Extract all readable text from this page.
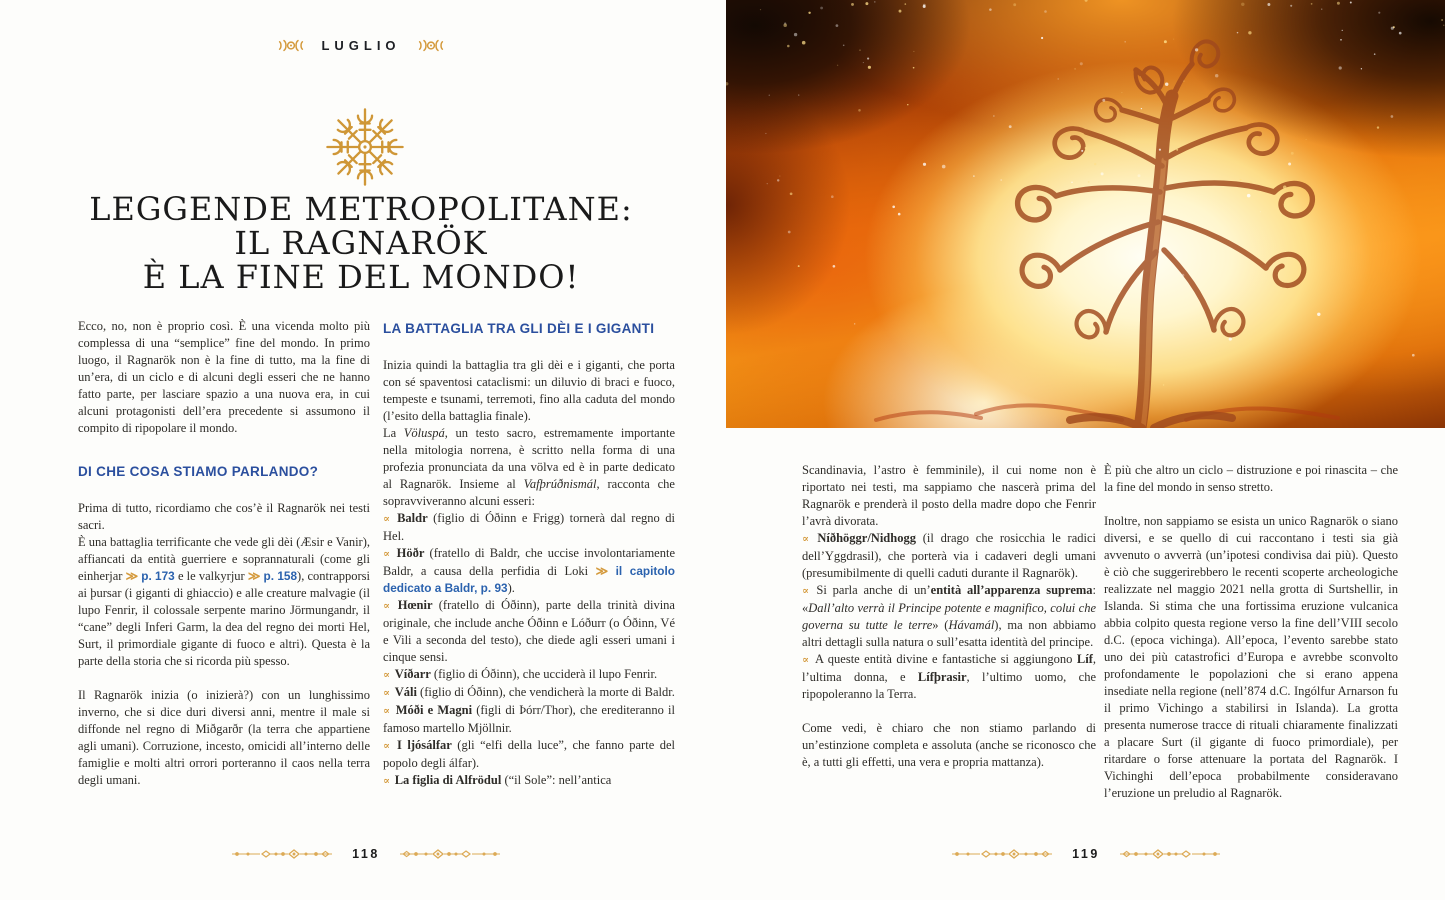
LUGLIO
LEGGENDE METROPOLITANE:
IL RAGNARÖK
È LA FINE DEL MONDO!
Ecco, no, non è proprio così. È una vicenda molto più complessa di una “semplice” fine del mondo. In primo luogo, il Ragnarök non è la fine di tutto, ma la fine di un’era, di un ciclo e di alcuni degli esseri che ne hanno fatto parte, per lasciare spazio a una nuova era, in cui alcuni protagonisti dell’era precedente si assumono il compito di ripopolare il mondo.
DI CHE COSA STIAMO PARLANDO?
Prima di tutto, ricordiamo che cos’è il Ragnarök nei testi sacri.
È una battaglia terrificante che vede gli dèi (Æsir e Vanir), affiancati da entità guerriere e soprannaturali (come gli einherjar ≫ p. 173 e le valkyrjur ≫ p. 158), contrapporsi ai þursar (i giganti di ghiaccio) e alle creature malvagie (il lupo Fenrir, il colossale serpente marino Jörmungandr, il “cane” degli Inferi Garm, la dea del regno dei morti Hel, Surt, il primordiale gigante di fuoco e altri). Questa è la parte della storia che si ricorda più spesso.
Il Ragnarök inizia (o inizierà?) con un lunghissimo inverno, che si dice duri diversi anni, mentre il male si diffonde nel regno di Miðgarðr (la terra che appartiene agli umani). Corruzione, incesto, omicidi all’interno delle famiglie e molti altri orrori porteranno il caos nella terra degli umani.
LA BATTAGLIA TRA GLI DÈI E I GIGANTI
Inizia quindi la battaglia tra gli dèi e i giganti, che porta con sé spaventosi cataclismi: un diluvio di braci e fuoco, tempeste e tsunami, terremoti, fino alla caduta del mondo (l’esito della battaglia finale).
La Völuspá, un testo sacro, estremamente importante nella mitologia norrena, è scritto nella forma di una profezia pronunciata da una völva ed è in parte dedicato al Ragnarök. Insieme al Vafþrúðnismál, racconta che sopravviveranno alcuni esseri:
∝ Baldr (figlio di Óðinn e Frigg) tornerà dal regno di Hel.
∝ Höðr (fratello di Baldr, che uccise involontariamente Baldr, a causa della perfidia di Loki ≫ il capitolo dedicato a Baldr, p. 93).
∝ Hœnir (fratello di Óðinn), parte della trinità divina originale, che include anche Óðinn e Lóðurr (o Óðinn, Vé e Vili a seconda del testo), che diede agli esseri umani i cinque sensi.
∝ Víðarr (figlio di Óðinn), che ucciderà il lupo Fenrir.
∝ Váli (figlio di Óðinn), che vendicherà la morte di Baldr.
∝ Móði e Magni (figli di Þórr/Thor), che erediteranno il famoso martello Mjöllnir.
∝ I ljósálfar (gli “elfi della luce”, che fanno parte del popolo degli álfar).
∝ La figlia di Alfrödul (“il Sole”: nell’antica
118
Scandinavia, l’astro è femminile), il cui nome non è riportato nei testi, ma sappiamo che nascerà prima del Ragnarök e prenderà il posto della madre dopo che Fenrir l’avrà divorata.
∝ Níðhöggr/Nidhogg (il drago che rosicchia le radici dell’Yggdrasil), che porterà via i cadaveri degli umani (presumibilmente di quelli caduti durante il Ragnarök).
∝ Si parla anche di un’entità all’apparenza suprema: «Dall’alto verrà il Principe potente e magnifico, colui che governa su tutte le terre» (Hávamál), ma non abbiamo altri dettagli sulla natura o sull’esatta identità del principe.
∝ A queste entità divine e fantastiche si aggiungono Líf, l’ultima donna, e Lífþrasir, l’ultimo uomo, che ripopoleranno la Terra.
Come vedi, è chiaro che non stiamo parlando di un’estinzione completa e assoluta (anche se riconosco che è, a tutti gli effetti, una vera e propria mattanza).
È più che altro un ciclo – distruzione e poi rinascita – che la fine del mondo in senso stretto.
Inoltre, non sappiamo se esista un unico Ragnarök o siano diversi, e se quello di cui raccontano i testi sia già avvenuto o avverrà (un’ipotesi condivisa dai più). Questo è ciò che suggerirebbero le recenti scoperte archeologiche realizzate nel maggio 2021 nella grotta di Surtshellir, in Islanda. Si stima che una fortissima eruzione vulcanica abbia colpito questa regione verso la fine dell’VIII secolo d.C. (epoca vichinga). All’epoca, l’evento sarebbe stato uno dei più catastrofici d’Europa e avrebbe sconvolto profondamente le popolazioni che si erano appena insediate nella regione (nell’874 d.C. Ingólfur Arnarson fu il primo Vichingo a stabilirsi in Islanda). La grotta presenta numerose tracce di rituali chiaramente finalizzati a placare Surt (il gigante di fuoco primordiale), per ritardare o forse attenuare la portata del Ragnarök. I Vichinghi dell’epoca probabilmente consideravano l’eruzione un preludio al Ragnarök.
119
